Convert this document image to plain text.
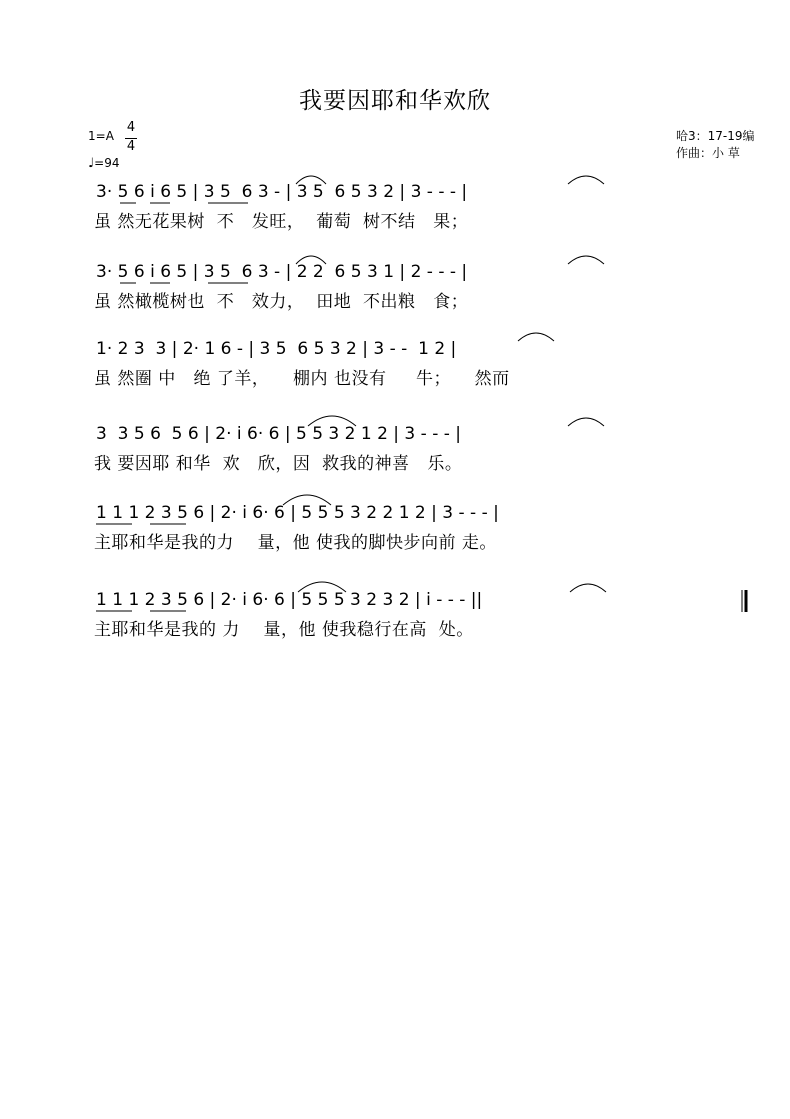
我要因耶和华欢欣
1=A
4
4
♩=94
哈3：17-19编
作曲：小 草
3· 5 6 i 6 5 | 3 5  6 3 - | 3 5  6 5 3 2 | 3 - - - |
虽 然无花果树  不   发旺，  葡萄  树不结   果；
3· 5 6 i 6 5 | 3 5  6 3 - | 2 2  6 5 3 1 | 2 - - - |
虽 然橄榄树也  不   效力，  田地  不出粮   食；
1· 2 3  3 | 2· 1 6 - | 3 5  6 5 3 2 | 3 - -  1 2 |
虽 然圈 中   绝 了羊，    棚内 也没有     牛；    然而
3  3 5 6  5 6 | 2· i 6· 6 | 5 5 3 2 1 2 | 3 - - - |
我 要因耶 和华  欢   欣，因  救我的神喜   乐。
1 1 1 2 3 5 6 | 2· i 6· 6 | 5 5 5 3 2 2 1 2 | 3 - - - |
主耶和华是我的力    量，他 使我的脚快步向前 走。
1 1 1 2 3 5 6 | 2· i 6· 6 | 5 5 5 3 2 3 2 | i - - - ||
主耶和华是我的 力    量，他 使我稳行在高  处。
